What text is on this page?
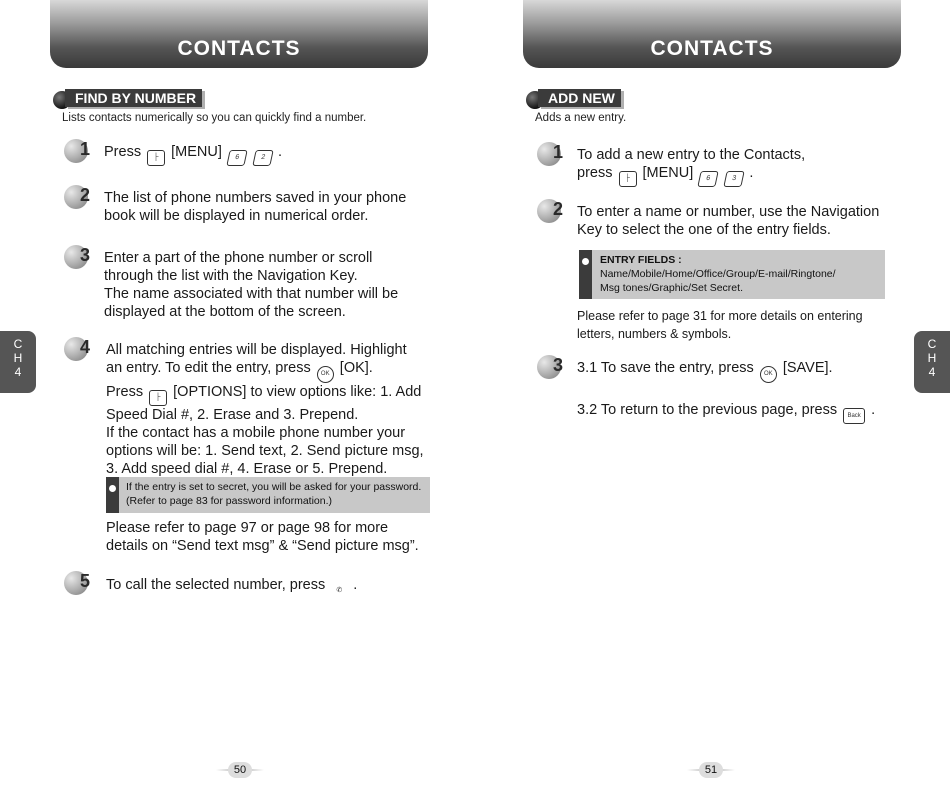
CONTACTS
FIND BY NUMBER
Lists contacts numerically so you can quickly find a number.
1 Press ├ [MENU] 6	2 .
2 The list of phone numbers saved in your phone
book will be displayed in numerical order.
3 Enter a part of the phone number or scroll
through the list with the Navigation Key.
The name associated with that number will be
displayed at the bottom of the screen.
4 All matching entries will be displayed. Highlight
an entry. To edit the entry, press OK [OK].
Press ├ [OPTIONS] to view options like: 1. Add
Speed Dial #, 2. Erase and 3. Prepend.
If the contact has a mobile phone number your
options will be: 1. Send text, 2. Send picture msg,
3. Add speed dial #, 4. Erase or 5. Prepend.
If the entry is set to secret, you will be asked for your password.
(Refer to page 83 for password information.)
Please refer to page 97 or page 98 for more
details on “Send text msg” & “Send picture msg”.
5 To call the selected number, press ✆ .
C
H
4
50
CONTACTS
ADD NEW
Adds a new entry.
1 To add a new entry to the Contacts,
press ├ [MENU] 6	3 .
2 To enter a name or number, use the Navigation
Key to select the one of the entry fields.
ENTRY FIELDS :
Name/Mobile/Home/Office/Group/E-mail/Ringtone/
Msg tones/Graphic/Set Secret.
Please refer to page 31 for more details on entering
letters, numbers & symbols.
3 3.1 To save the entry, press OK [SAVE].
3.2 To return to the previous page, press Back .
C
H
4
51
